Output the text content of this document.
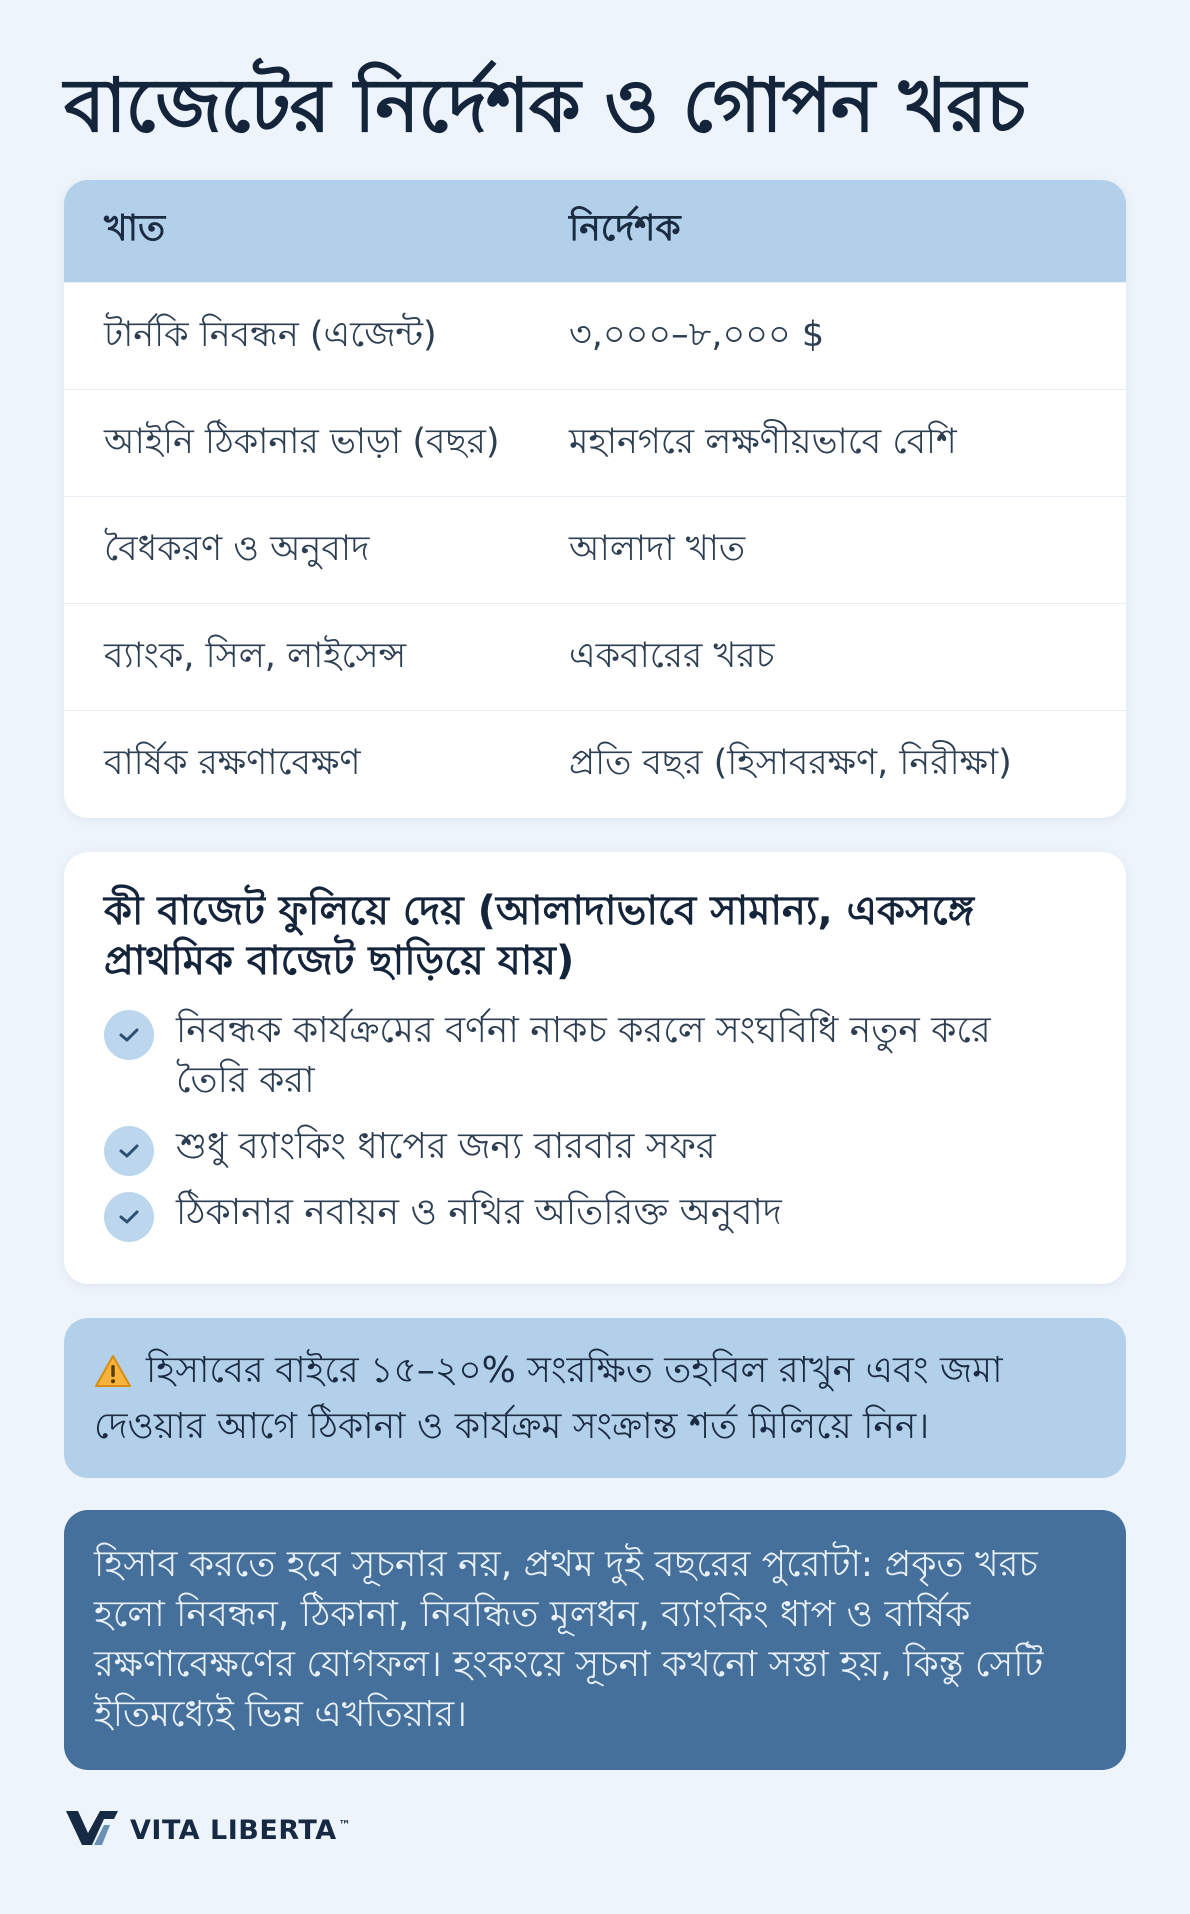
বাজেটের নির্দেশক ও গোপন খরচ
খাত	নির্দেশক
টার্নকি নিবন্ধন (এজেন্ট)	৩,০০০–৮,০০০ $
আইনি ঠিকানার ভাড়া (বছর)	মহানগরে লক্ষণীয়ভাবে বেশি
বৈধকরণ ও অনুবাদ	আলাদা খাত
ব্যাংক, সিল, লাইসেন্স	একবারের খরচ
বার্ষিক রক্ষণাবেক্ষণ	প্রতি বছর (হিসাবরক্ষণ, নিরীক্ষা)
কী বাজেট ফুলিয়ে দেয় (আলাদাভাবে সামান্য, একসঙ্গে প্রাথমিক বাজেট ছাড়িয়ে যায়)
নিবন্ধক কার্যক্রমের বর্ণনা নাকচ করলে সংঘবিধি নতুন করে তৈরি করা
শুধু ব্যাংকিং ধাপের জন্য বারবার সফর
ঠিকানার নবায়ন ও নথির অতিরিক্ত অনুবাদ
হিসাবের বাইরে ১৫–২০% সংরক্ষিত তহবিল রাখুন এবং জমা দেওয়ার আগে ঠিকানা ও কার্যক্রম সংক্রান্ত শর্ত মিলিয়ে নিন।
হিসাব করতে হবে সূচনার নয়, প্রথম দুই বছরের পুরোটা: প্রকৃত খরচ হলো নিবন্ধন, ঠিকানা, নিবন্ধিত মূলধন, ব্যাংকিং ধাপ ও বার্ষিক রক্ষণাবেক্ষণের যোগফল। হংকংয়ে সূচনা কখনো সস্তা হয়, কিন্তু সেটি ইতিমধ্যেই ভিন্ন এখতিয়ার।
VITA LIBERTA ™
